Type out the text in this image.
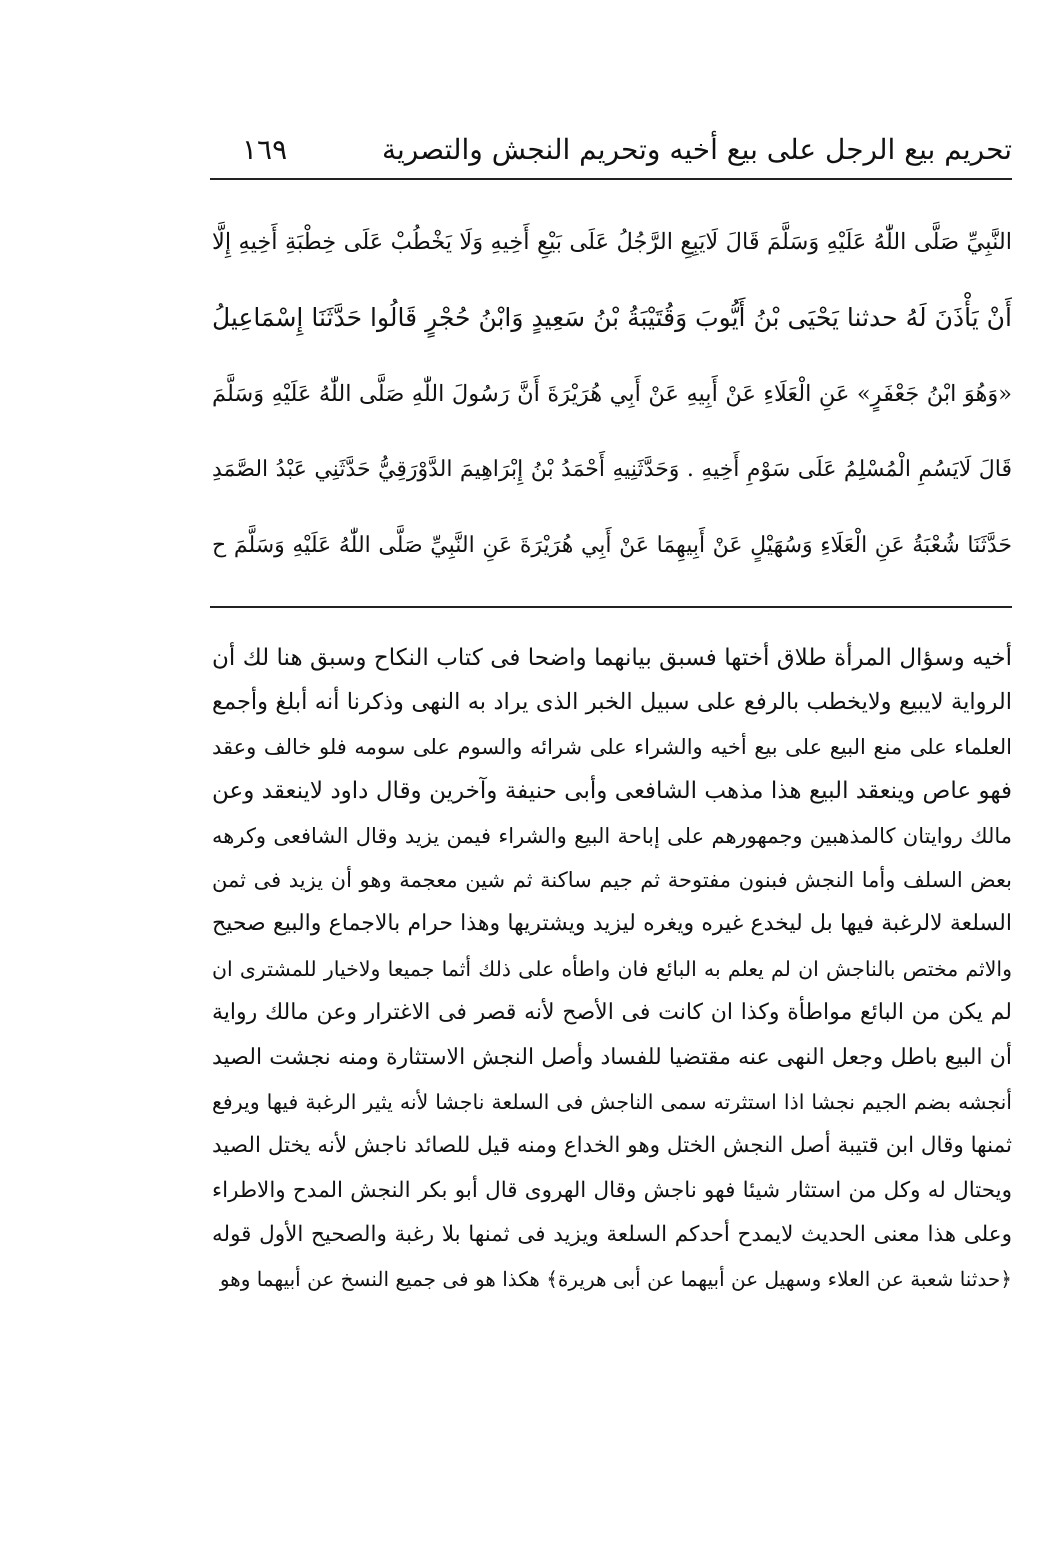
تحريم بيع الرجل على بيع أخيه وتحريم النجش والتصرية
١٦٩
النَّبِيِّ صَلَّى اللّٰهُ عَلَيْهِ وَسَلَّمَ قَالَ لَايَبِعِ الرَّجُلُ عَلَى بَيْعِ أَخِيهِ وَلَا يَخْطُبْ عَلَى خِطْبَةِ أَخِيهِ إِلَّا
أَنْ يَأْذَنَ لَهُ حدثنا يَحْيَى بْنُ أَيُّوبَ وَقُتَيْبَةُ بْنُ سَعِيدٍ وَابْنُ حُجْرٍ قَالُوا حَدَّثَنَا إِسْمَاعِيلُ
«وَهُوَ ابْنُ جَعْفَرٍ» عَنِ الْعَلَاءِ عَنْ أَبِيهِ عَنْ أَبِي هُرَيْرَةَ أَنَّ رَسُولَ اللّٰهِ صَلَّى اللّٰهُ عَلَيْهِ وَسَلَّمَ
قَالَ لَايَسُمِ الْمُسْلِمُ عَلَى سَوْمِ أَخِيهِ . وَحَدَّثَنِيهِ أَحْمَدُ بْنُ إِبْرَاهِيمَ الدَّوْرَقِيُّ حَدَّثَنِي عَبْدُ الصَّمَدِ
حَدَّثَنَا شُعْبَةُ عَنِ الْعَلَاءِ وَسُهَيْلٍ عَنْ أَبِيهِمَا عَنْ أَبِي هُرَيْرَةَ عَنِ النَّبِيِّ صَلَّى اللّٰهُ عَلَيْهِ وَسَلَّمَ ح
أخيه وسؤال المرأة طلاق أختها فسبق بيانهما واضحا فى كتاب النكاح وسبق هنا لك أن
الرواية لايبيع ولايخطب بالرفع على سبيل الخبر الذى يراد به النهى وذكرنا أنه أبلغ وأجمع
العلماء على منع البيع على بيع أخيه والشراء على شرائه والسوم على سومه فلو خالف وعقد
فهو عاص وينعقد البيع هذا مذهب الشافعى وأبى حنيفة وآخرين وقال داود لاينعقد وعن
مالك روايتان كالمذهبين وجمهورهم على إباحة البيع والشراء فيمن يزيد وقال الشافعى وكرهه
بعض السلف وأما النجش فبنون مفتوحة ثم جيم ساكنة ثم شين معجمة وهو أن يزيد فى ثمن
السلعة لالرغبة فيها بل ليخدع غيره ويغره ليزيد ويشتريها وهذا حرام بالاجماع والبيع صحيح
والاثم مختص بالناجش ان لم يعلم به البائع فان واطأه على ذلك أثما جميعا ولاخيار للمشترى ان
لم يكن من البائع مواطأة وكذا ان كانت فى الأصح لأنه قصر فى الاغترار وعن مالك رواية
أن البيع باطل وجعل النهى عنه مقتضيا للفساد وأصل النجش الاستثارة ومنه نجشت الصيد
أنجشه بضم الجيم نجشا اذا استثرته سمى الناجش فى السلعة ناجشا لأنه يثير الرغبة فيها ويرفع
ثمنها وقال ابن قتيبة أصل النجش الختل وهو الخداع ومنه قيل للصائد ناجش لأنه يختل الصيد
ويحتال له وكل من استثار شيئا فهو ناجش وقال الهروى قال أبو بكر النجش المدح والاطراء
وعلى هذا معنى الحديث لايمدح أحدكم السلعة ويزيد فى ثمنها بلا رغبة والصحيح الأول قوله
﴿حدثنا شعبة عن العلاء وسهيل عن أبيهما عن أبى هريرة﴾ هكذا هو فى جميع النسخ عن أبيهما وهو
